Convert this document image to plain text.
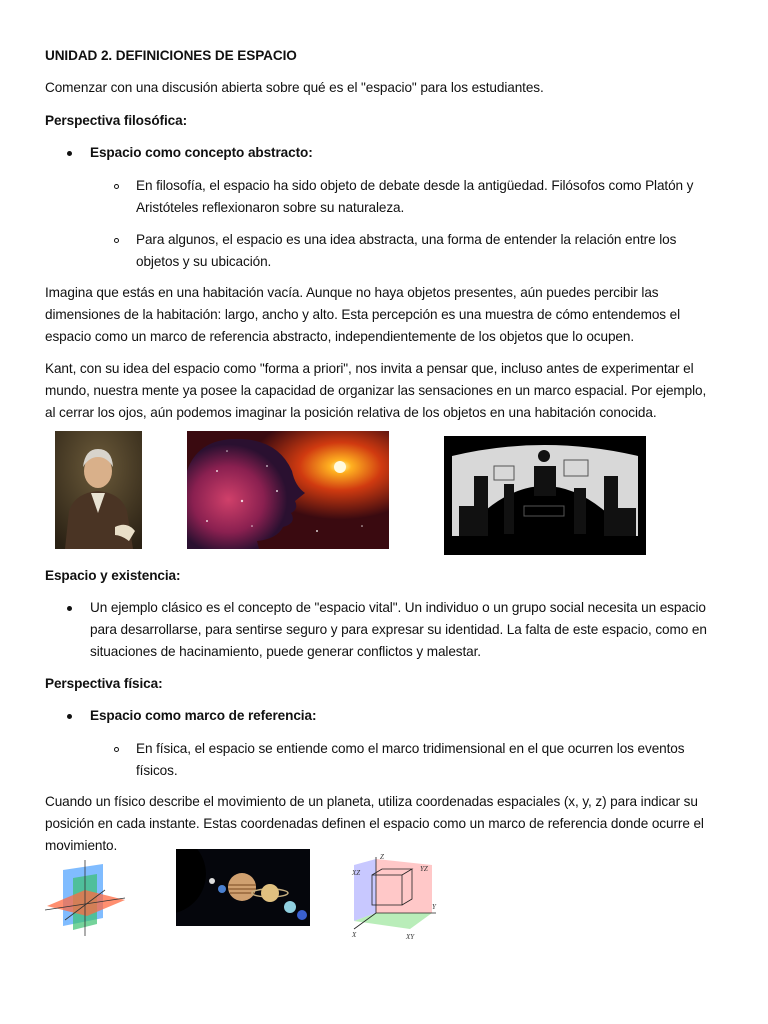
UNIDAD 2. DEFINICIONES DE ESPACIO
Comenzar con una discusión abierta sobre qué es el "espacio" para los estudiantes.
Perspectiva filosófica:
Espacio como concepto abstracto:
En filosofía, el espacio ha sido objeto de debate desde la antigüedad. Filósofos como Platón y
Aristóteles reflexionaron sobre su naturaleza.
Para algunos, el espacio es una idea abstracta, una forma de entender la relación entre los
objetos y su ubicación.
Imagina que estás en una habitación vacía. Aunque no haya objetos presentes, aún puedes percibir las
dimensiones de la habitación: largo, ancho y alto. Esta percepción es una muestra de cómo entendemos el
espacio como un marco de referencia abstracto, independientemente de los objetos que lo ocupen.
Kant, con su idea del espacio como "forma a priori", nos invita a pensar que, incluso antes de experimentar el
mundo, nuestra mente ya posee la capacidad de organizar las sensaciones en un marco espacial. Por ejemplo,
al cerrar los ojos, aún podemos imaginar la posición relativa de los objetos en una habitación conocida.
Espacio y existencia:
Un ejemplo clásico es el concepto de "espacio vital". Un individuo o un grupo social necesita un espacio
para desarrollarse, para sentirse seguro y para expresar su identidad. La falta de este espacio, como en
situaciones de hacinamiento, puede generar conflictos y malestar.
Perspectiva física:
Espacio como marco de referencia:
En física, el espacio se entiende como el marco tridimensional en el que ocurren los eventos
físicos.
Cuando un físico describe el movimiento de un planeta, utiliza coordenadas espaciales (x, y, z) para indicar su
posición en cada instante. Estas coordenadas definen el espacio como un marco de referencia donde ocurre el
movimiento.
XZ	YZ
XY
X
Y
Z
